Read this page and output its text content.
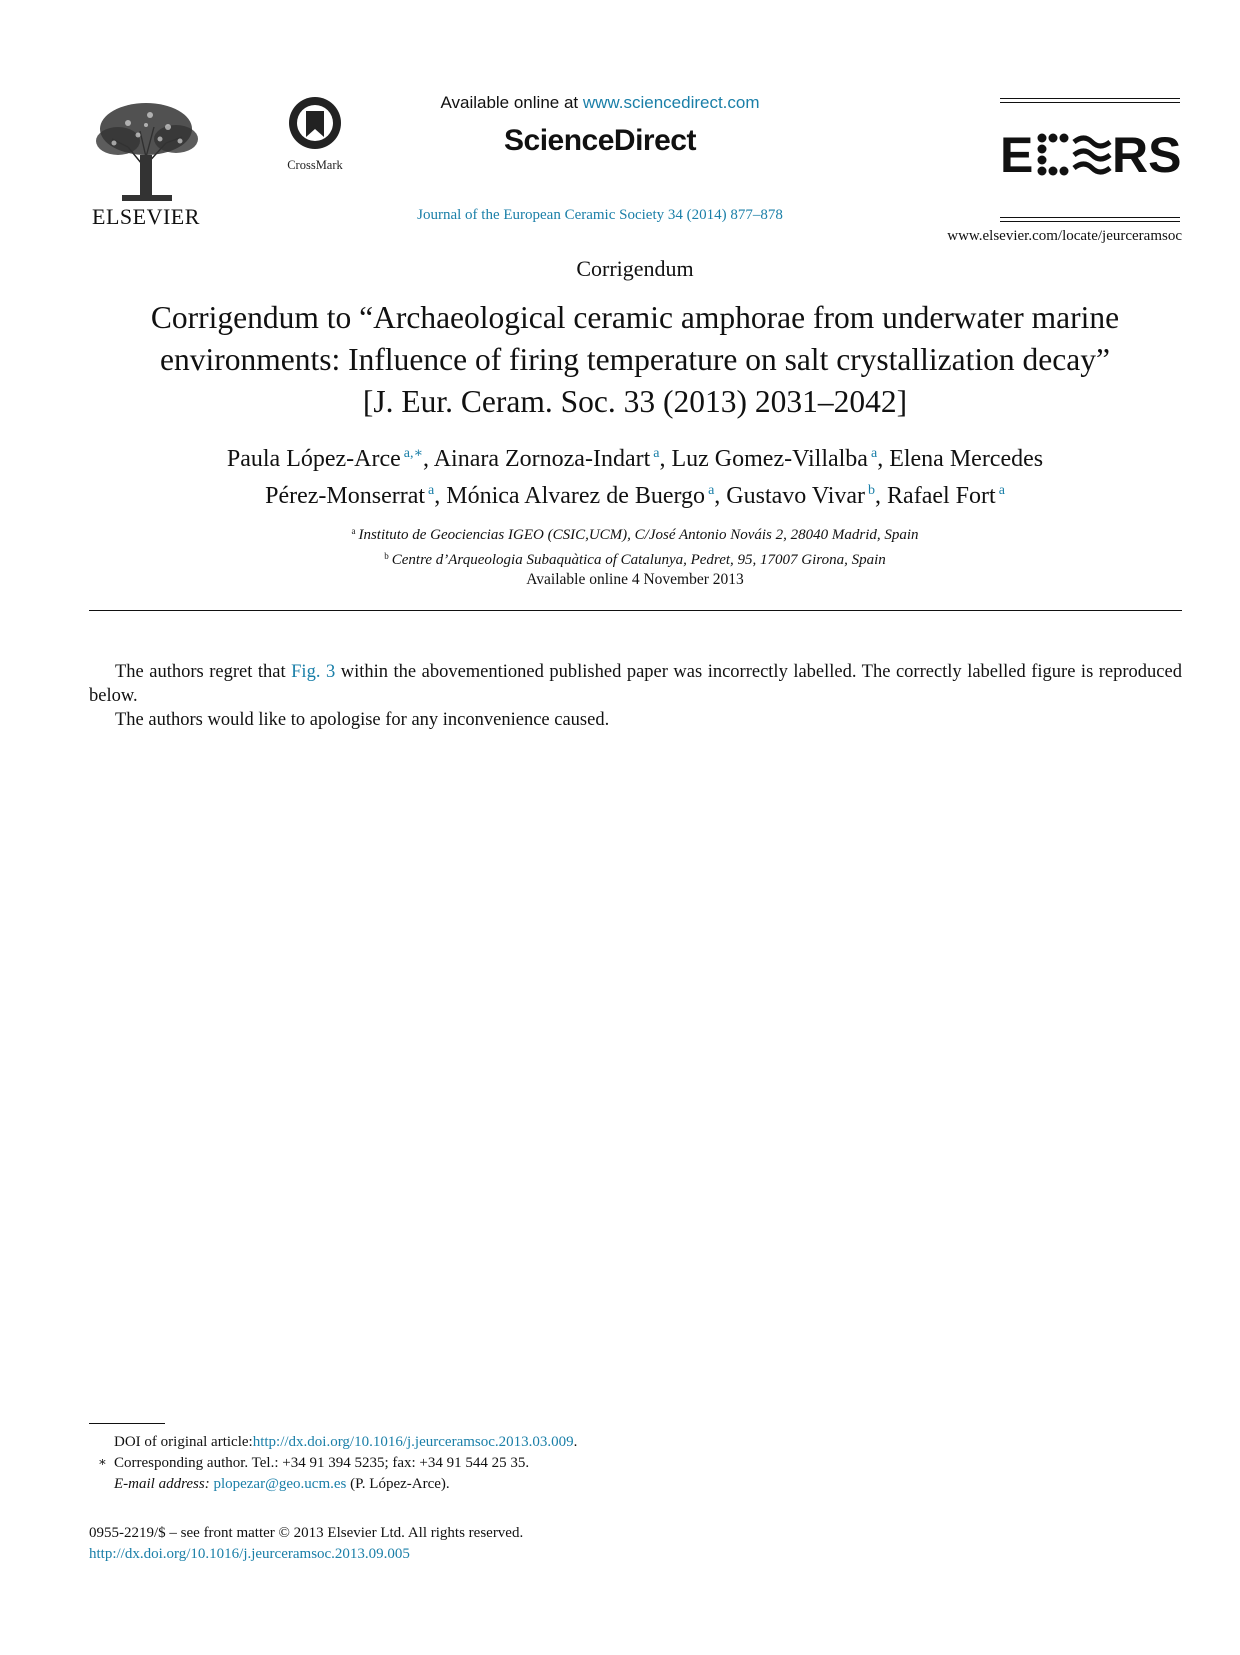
ELSEVIER
CrossMark
Available online at www.sciencedirect.com
ScienceDirect
Journal of the European Ceramic Society 34 (2014) 877–878
E RS
www.elsevier.com/locate/jeurceramsoc
Corrigendum
Corrigendum to “Archaeological ceramic amphorae from underwater marine
environments: Influence of firing temperature on salt crystallization decay”
[J. Eur. Ceram. Soc. 33 (2013) 2031–2042]
Paula López-Arce $^{a,∗}$, Ainara Zornoza-Indart $^a$, Luz Gomez-Villalba $^a$, Elena Mercedes
Pérez-Monserrat $^a$, Mónica Alvarez de Buergo $^a$, Gustavo Vivar $^b$, Rafael Fort $^a$
$^a$ Instituto de Geociencias IGEO (CSIC,UCM), C/José Antonio Nováis 2, 28040 Madrid, Spain
$^b$ Centre d’Arqueologia Subaquàtica of Catalunya, Pedret, 95, 17007 Girona, Spain
Available online 4 November 2013

The authors regret that Fig. 3 within the abovementioned published paper was incorrectly labelled. The correctly labelled figure is reproduced below.

The authors would like to apologise for any inconvenience caused.

DOI of original article:http://dx.doi.org/10.1016/j.jeurceramsoc.2013.03.009.
∗ Corresponding author. Tel.: +34 91 394 5235; fax: +34 91 544 25 35.
E-mail address: plopezar@geo.ucm.es (P. López-Arce).
0955-2219/$ – see front matter © 2013 Elsevier Ltd. All rights reserved.
http://dx.doi.org/10.1016/j.jeurceramsoc.2013.09.005
